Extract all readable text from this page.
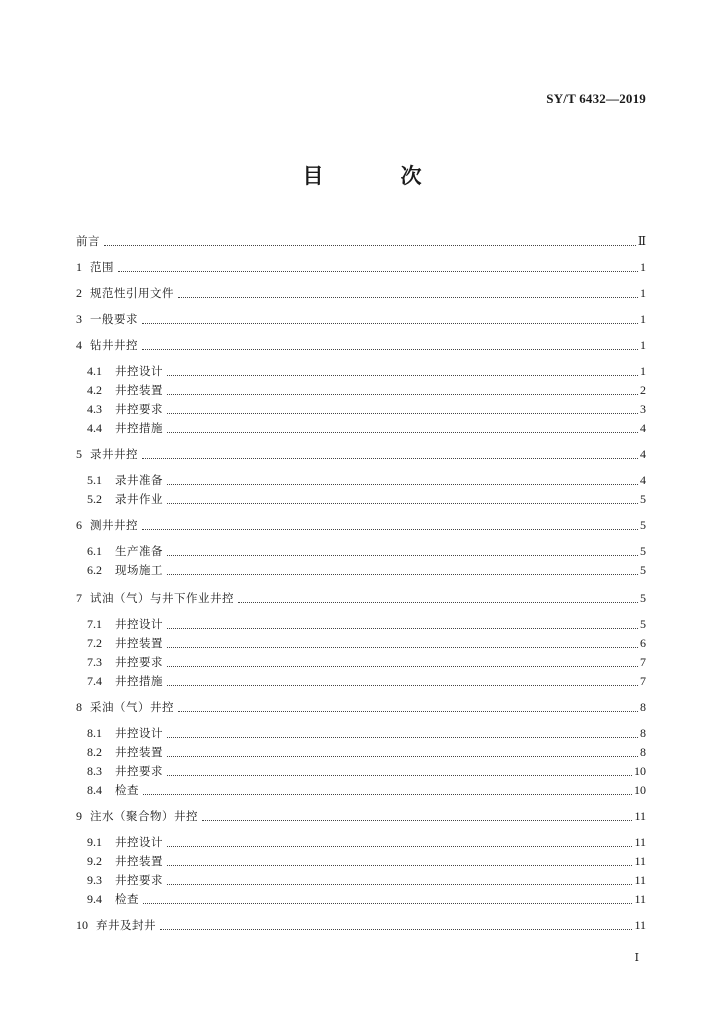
SY/T 6432—2019
目　次
前言	Ⅱ
1 范围	1
2 规范性引用文件	1
3 一般要求	1
4 钻井井控	1
4.1	井控设计	1
4.2	井控装置	2
4.3	井控要求	3
4.4	井控措施	4
5 录井井控	4
5.1	录井准备	4
5.2	录井作业	5
6 测井井控	5
6.1	生产准备	5
6.2	现场施工	5
7 试油（气）与井下作业井控	5
7.1	井控设计	5
7.2	井控装置	6
7.3	井控要求	7
7.4	井控措施	7
8 采油（气）井控	8
8.1	井控设计	8
8.2	井控装置	8
8.3	井控要求	10
8.4	检查	10
9 注水（聚合物）井控	11
9.1	井控设计	11
9.2	井控装置	11
9.3	井控要求	11
9.4	检查	11
10 弃井及封井	11
Ⅰ
